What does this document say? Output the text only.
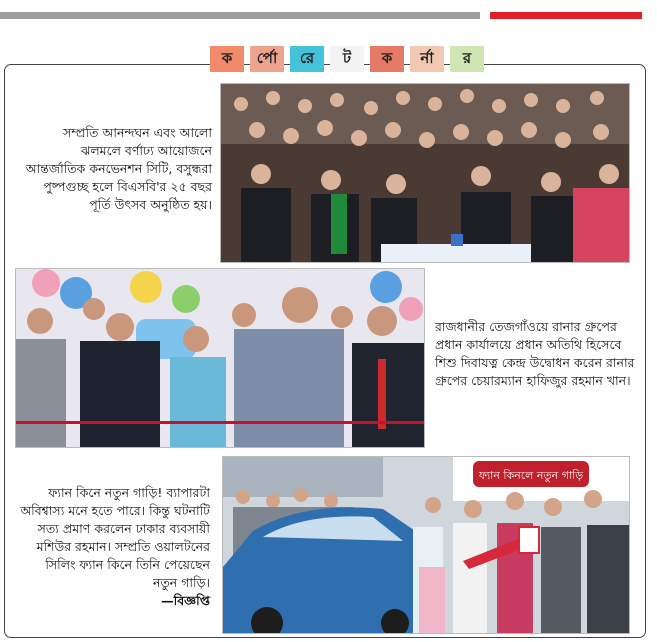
ক র্পো রে ট ক র্না র
ফ্যান কিনলে নতুন গাড়ি
সম্প্রতি আনন্দঘন এবং আলো ঝলমলে বর্ণাঢ্য আয়োজনে আন্তর্জাতিক কনভেনশন সিটি, বসুন্ধরা পুষ্পগুচ্ছ হলে বিএসবি'র ২৫ বছর পূর্তি উৎসব অনুষ্ঠিত হয়।
রাজধানীর তেজগাঁওয়ে রানার গ্রুপের প্রধান কার্যালয়ে প্রধান অতিথি হিসেবে শিশু দিবাযত্ন কেন্দ্র উদ্বোধন করেন রানার গ্রুপের চেয়ারম্যান হাফিজুর রহমান খান।
ফ্যান কিনে নতুন গাড়ি! ব্যাপারটা অবিশ্বাস্য মনে হতে পারে। কিন্তু ঘটনাটি সত্য প্রমাণ করলেন ঢাকার ব্যবসায়ী মশিউর রহমান। সম্প্রতি ওয়ালটনের সিলিং ফ্যান কিনে তিনি পেয়েছেন নতুন গাড়ি।
—বিজ্ঞপ্তি
